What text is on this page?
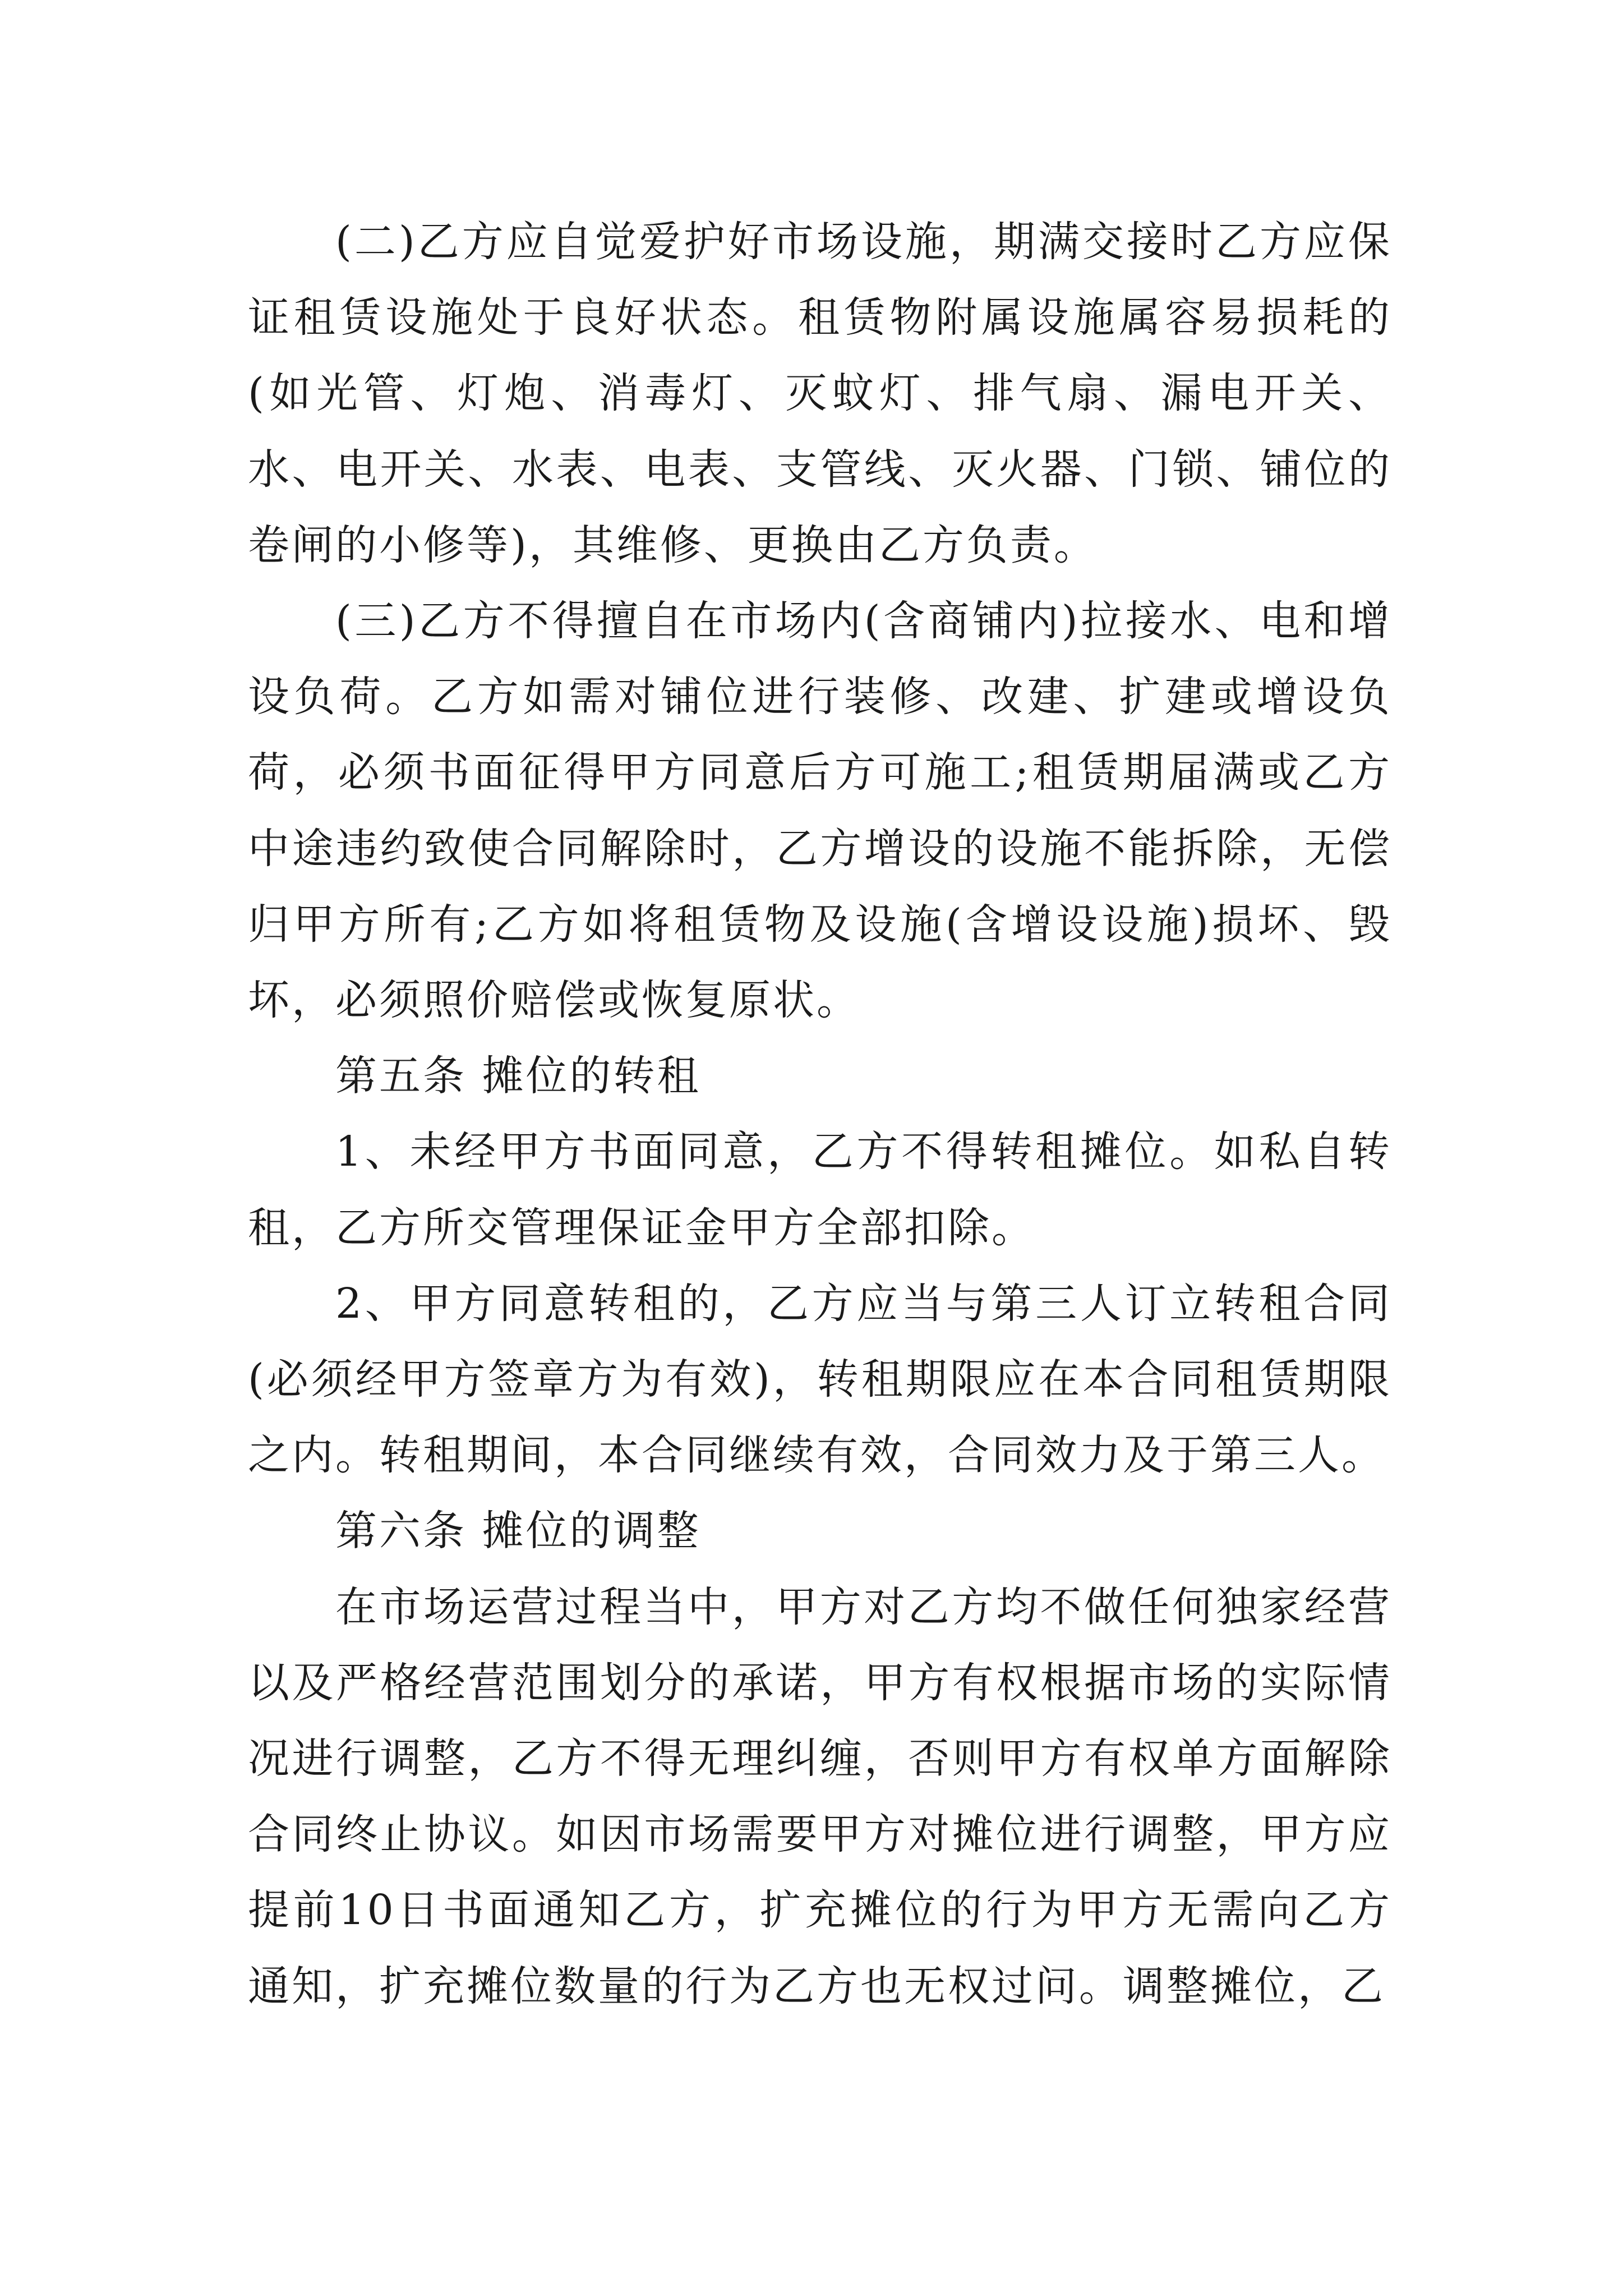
(二)乙方应自觉爱护好市场设施，期满交接时乙方应保证租赁设施处于良好状态。租赁物附属设施属容易损耗的(如光管、灯炮、消毒灯、灭蚊灯、排气扇、漏电开关、水、电开关、水表、电表、支管线、灭火器、门锁、铺位的卷闸的小修等)，其维修、更换由乙方负责。

(三)乙方不得擅自在市场内(含商铺内)拉接水、电和增设负荷。乙方如需对铺位进行装修、改建、扩建或增设负荷，必须书面征得甲方同意后方可施工;租赁期届满或乙方中途违约致使合同解除时，乙方增设的设施不能拆除，无偿归甲方所有;乙方如将租赁物及设施(含增设设施)损坏、毁坏，必须照价赔偿或恢复原状。

第五条 摊位的转租

1、未经甲方书面同意，乙方不得转租摊位。如私自转租，乙方所交管理保证金甲方全部扣除。

2、甲方同意转租的，乙方应当与第三人订立转租合同(必须经甲方签章方为有效)，转租期限应在本合同租赁期限之内。转租期间，本合同继续有效，合同效力及于第三人。

第六条 摊位的调整

在市场运营过程当中，甲方对乙方均不做任何独家经营以及严格经营范围划分的承诺，甲方有权根据市场的实际情况进行调整，乙方不得无理纠缠，否则甲方有权单方面解除合同终止协议。如因市场需要甲方对摊位进行调整，甲方应提前10日书面通知乙方，扩充摊位的行为甲方无需向乙方通知，扩充摊位数量的行为乙方也无权过问。调整摊位，乙
